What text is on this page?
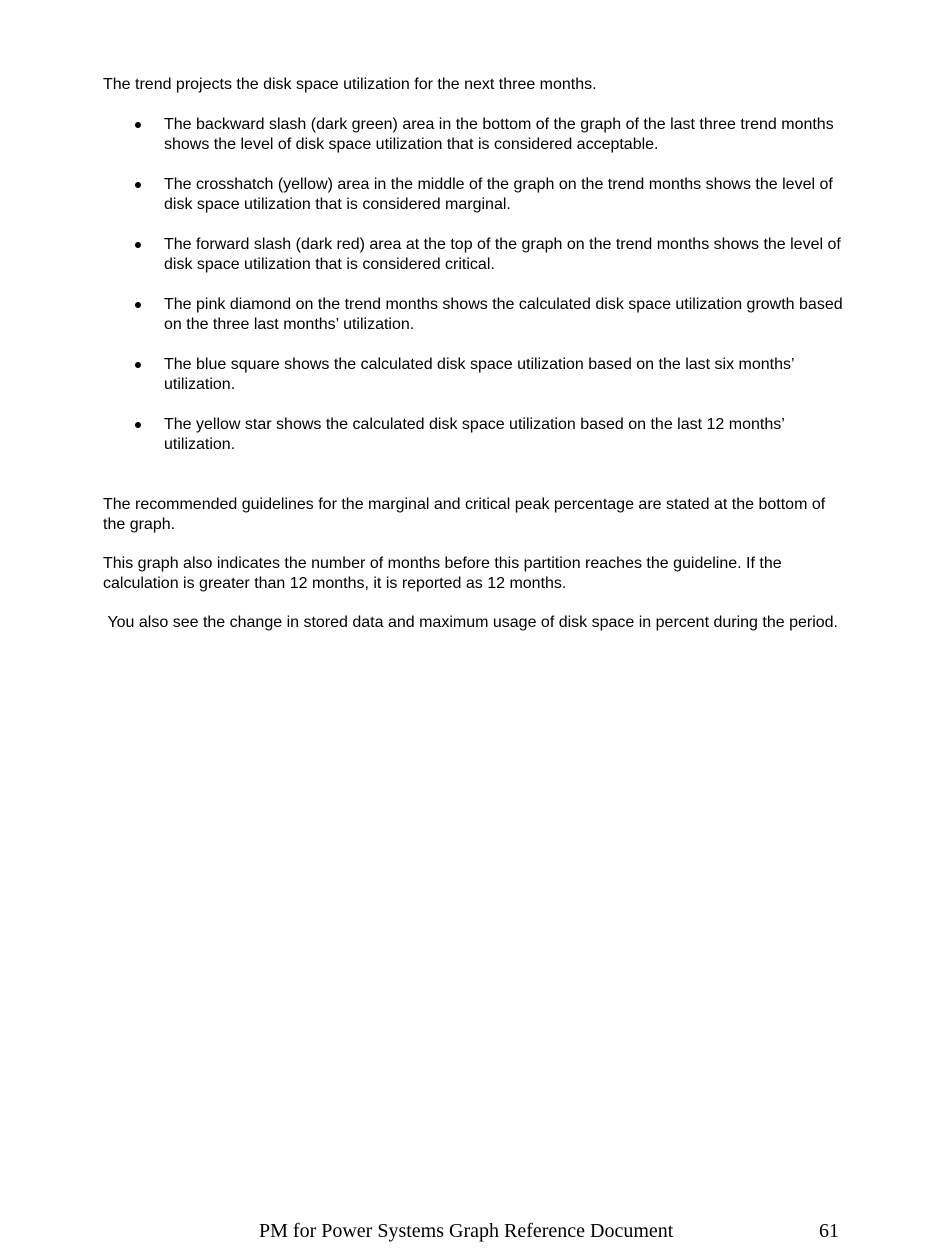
The trend projects the disk space utilization for the next three months.

The backward slash (dark green) area in the bottom of the graph of the last three trend months shows the level of disk space utilization that is considered acceptable.
The crosshatch (yellow) area in the middle of the graph on the trend months shows the level of disk space utilization that is considered marginal.
The forward slash (dark red) area at the top of the graph on the trend months shows the level of disk space utilization that is considered critical.
The pink diamond on the trend months shows the calculated disk space utilization growth based on the three last months’ utilization.
The blue square shows the calculated disk space utilization based on the last six months’ utilization.
The yellow star shows the calculated disk space utilization based on the last 12 months’ utilization.

The recommended guidelines for the marginal and critical peak percentage are stated at the bottom of the graph.

This graph also indicates the number of months before this partition reaches the guideline. If the calculation is greater than 12 months, it is reported as 12 months.

You also see the change in stored data and maximum usage of disk space in percent during the period.

PM for Power Systems Graph Reference Document	61
